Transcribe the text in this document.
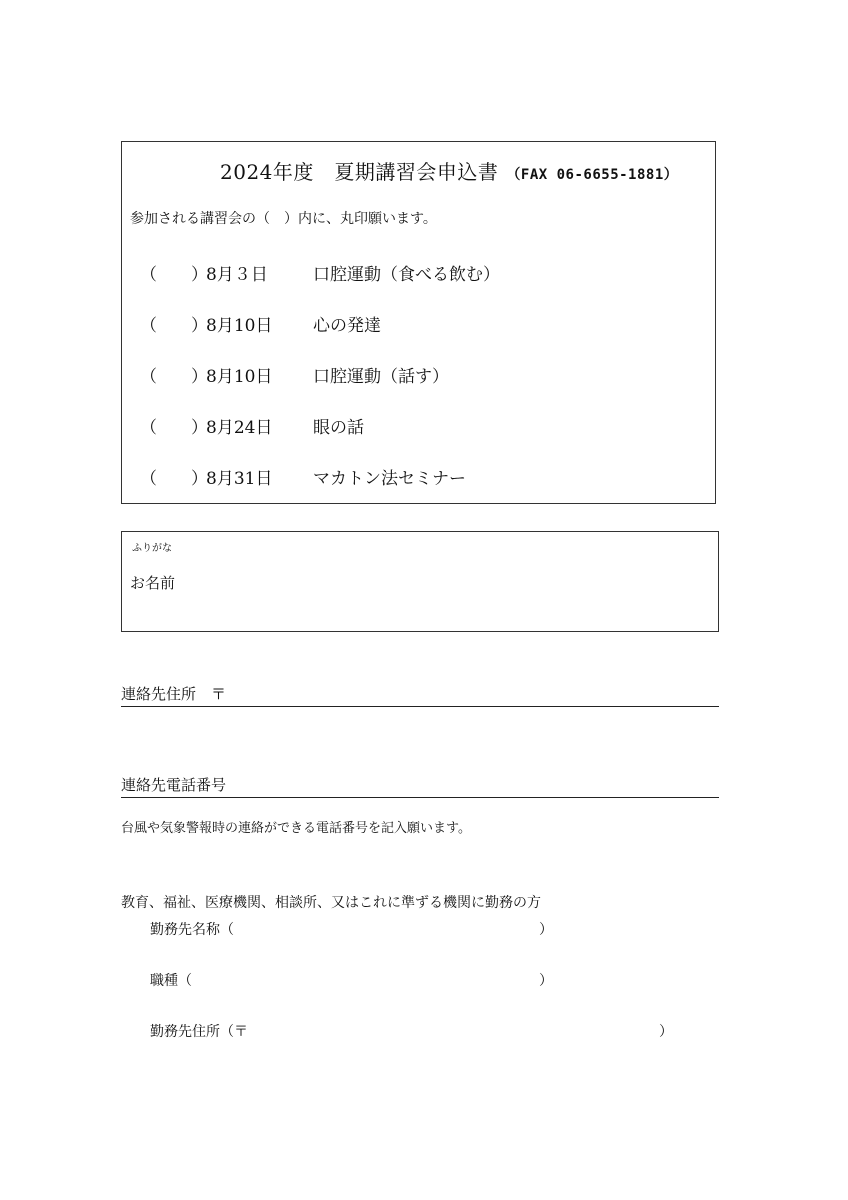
2024年度　夏期講習会申込書 （FAX 06-6655-1881）
参加される講習会の（　）内に、丸印願います。
（　　）8月３日	口腔運動（食べる飲む）
（　　）8月10日 心の発達
（　　）8月10日 口腔運動（話す）
（　　）8月24日 眼の話
（　　）8月31日 マカトン法セミナー
ふりがな
お名前
連絡先住所　〒
連絡先電話番号
台風や気象警報時の連絡ができる電話番号を記入願います。
教育、福祉、医療機関、相談所、又はこれに準ずる機関に勤務の方
勤務先名称（	）
職種（	）
勤務先住所（〒	）
